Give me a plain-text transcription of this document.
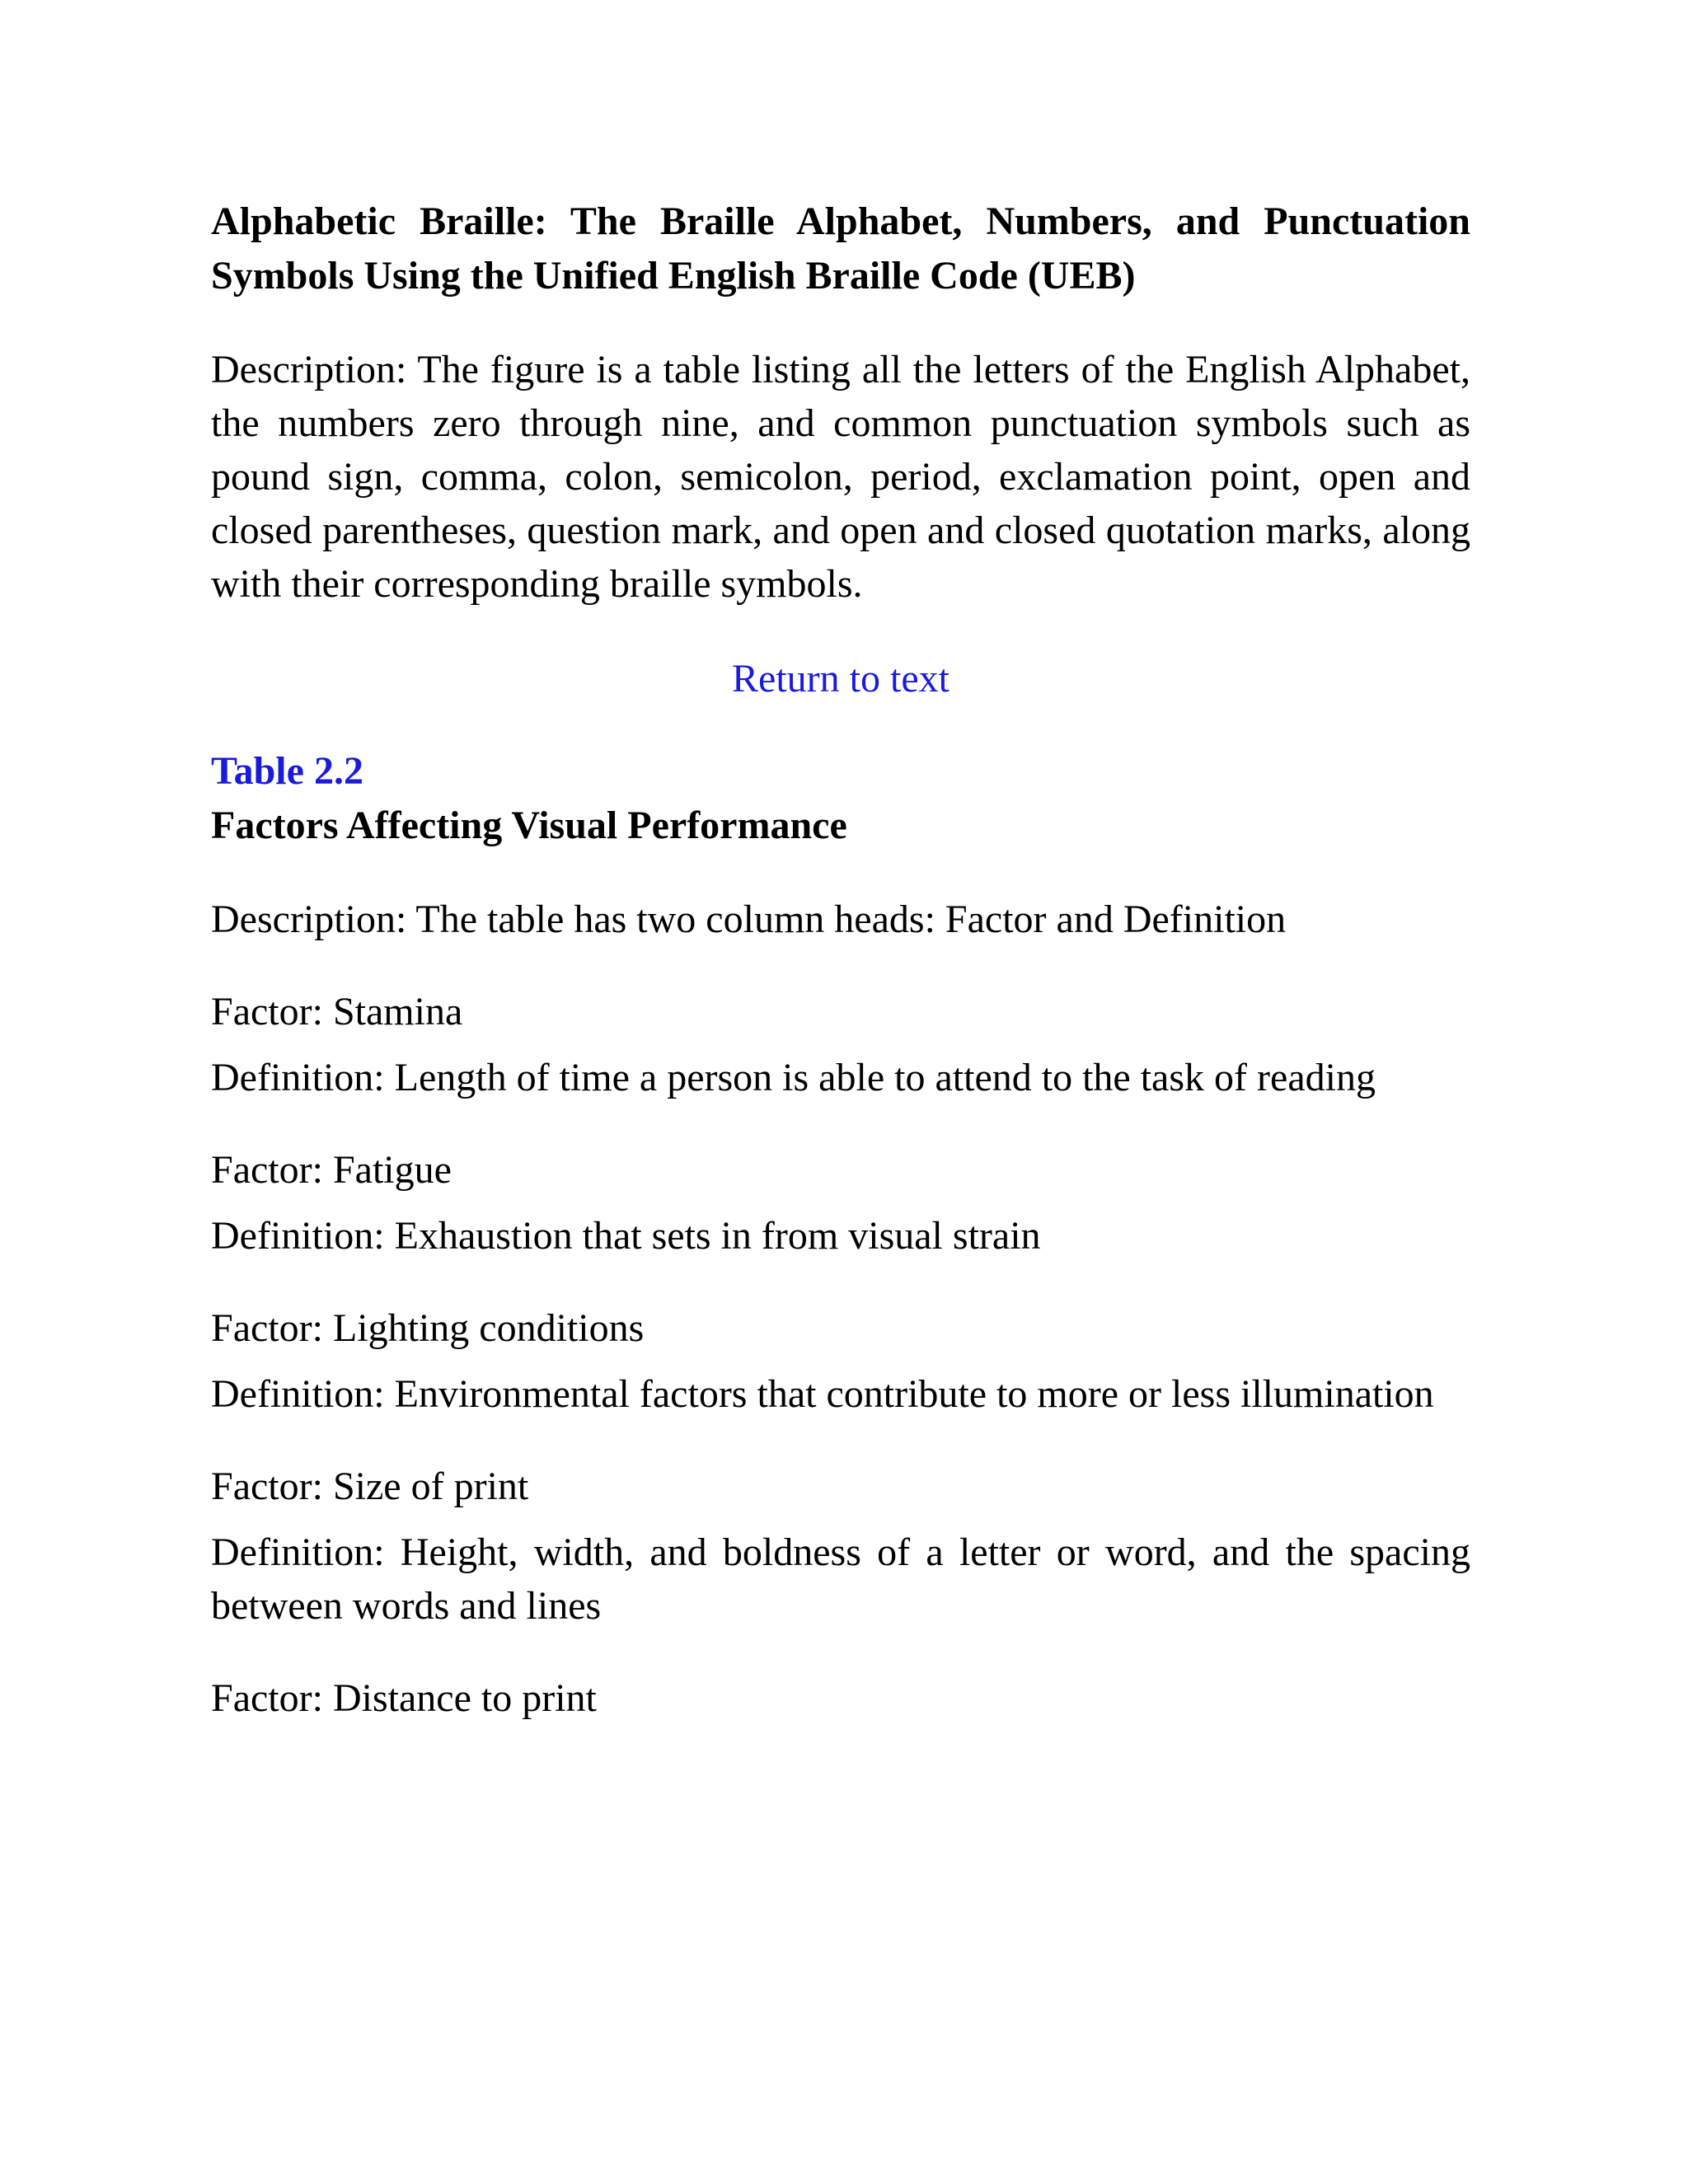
Alphabetic Braille: The Braille Alphabet, Numbers, and Punctuation Symbols Using the Unified English Braille Code (UEB)

Description: The figure is a table listing all the letters of the English Alphabet, the numbers zero through nine, and common punctuation symbols such as pound sign, comma, colon, semicolon, period, exclamation point, open and closed parentheses, question mark, and open and closed quotation marks, along with their corresponding braille symbols.

Return to text
Table 2.2

Factors Affecting Visual Performance

Description: The table has two column heads: Factor and Definition

Factor: Stamina

Definition: Length of time a person is able to attend to the task of reading

Factor: Fatigue

Definition: Exhaustion that sets in from visual strain

Factor: Lighting conditions

Definition: Environmental factors that contribute to more or less illumination

Factor: Size of print

Definition: Height, width, and boldness of a letter or word, and the spacing between words and lines

Factor: Distance to print
